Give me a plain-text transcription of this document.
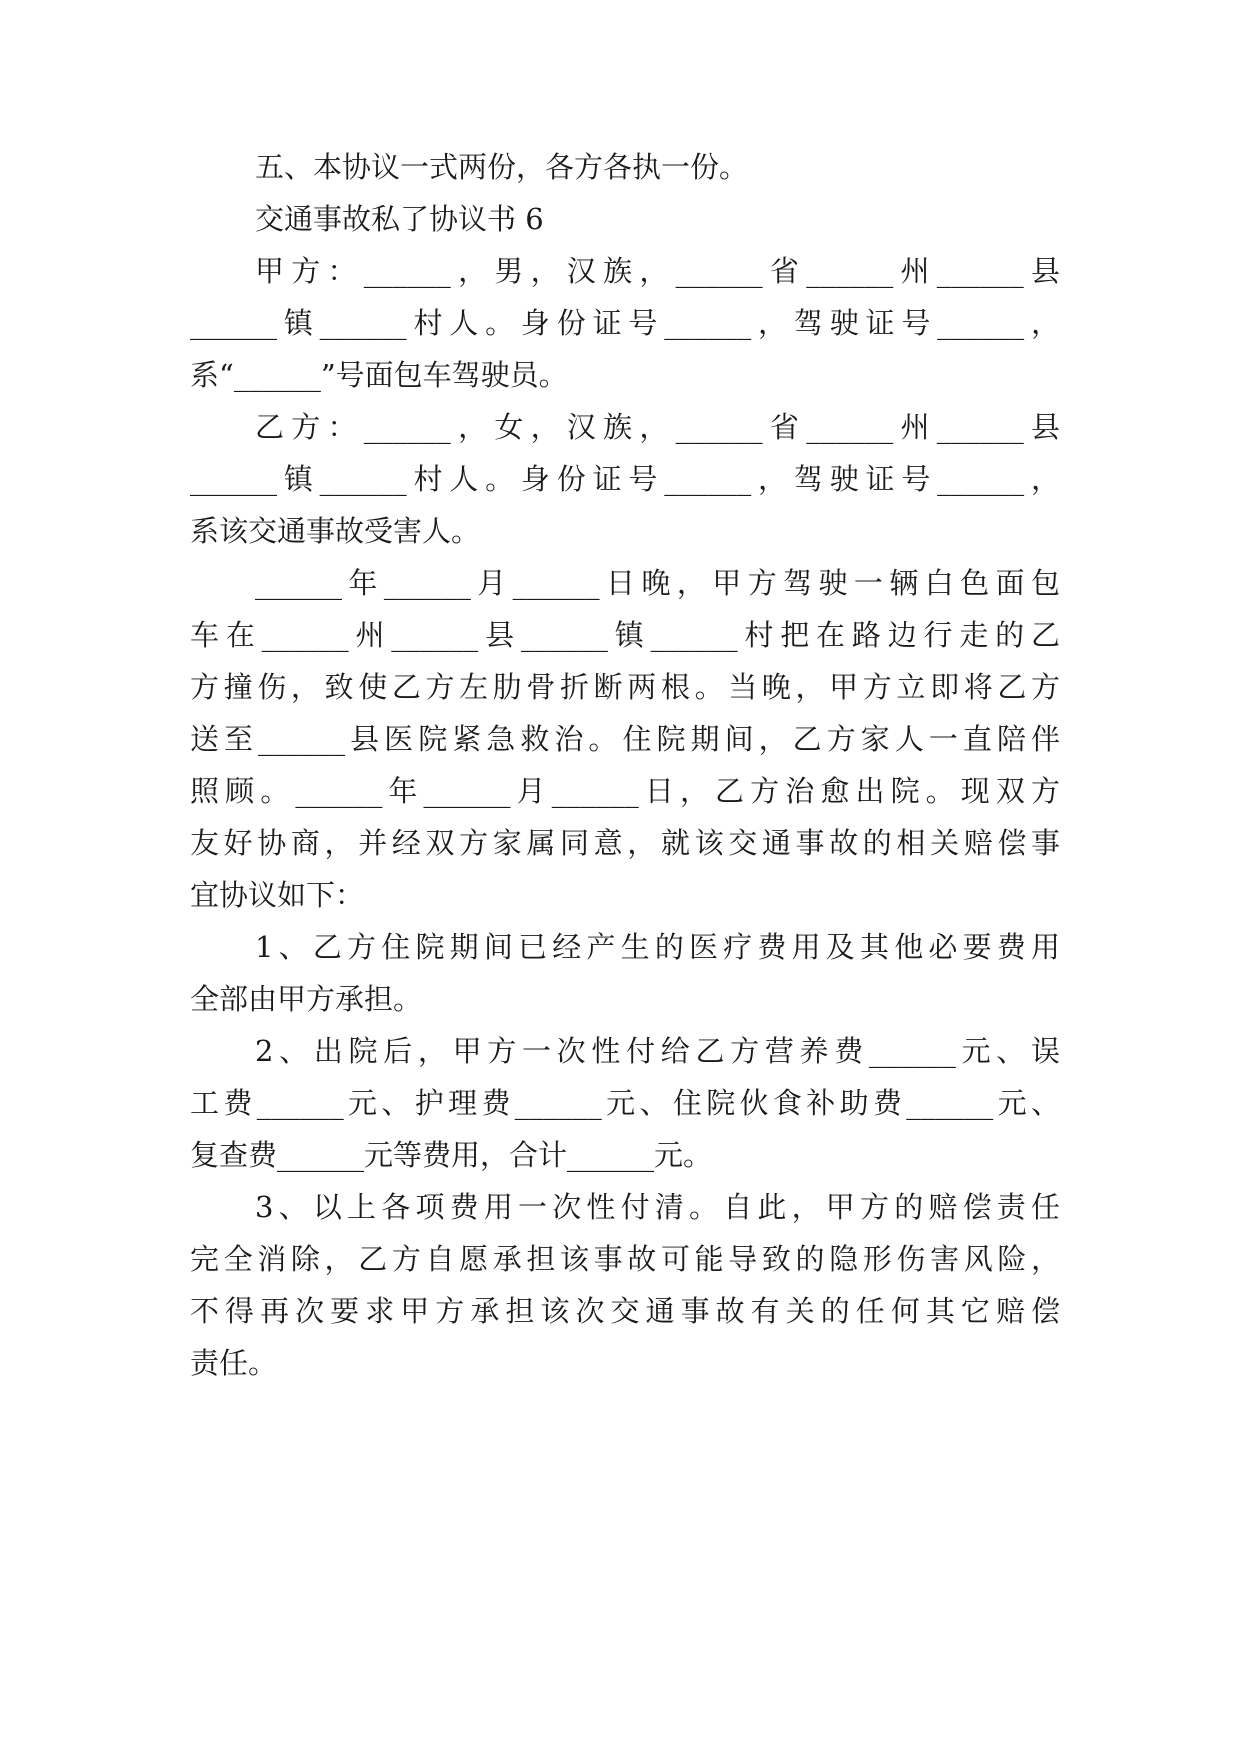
五、本协议一式两份，各方各执一份。
交通事故私了协议书 6
甲方：______，男，汉族，______省______州______县
______镇______村人。身份证号______，驾驶证号______，
系“______”号面包车驾驶员。
乙方：______，女，汉族，______省______州______县
______镇______村人。身份证号______，驾驶证号______，
系该交通事故受害人。
______年______月______日晚，甲方驾驶一辆白色面包
车在______州______县______镇______村把在路边行走的乙
方撞伤，致使乙方左肋骨折断两根。当晚，甲方立即将乙方
送至______县医院紧急救治。住院期间，乙方家人一直陪伴
照顾。______年______月______日，乙方治愈出院。现双方
友好协商，并经双方家属同意，就该交通事故的相关赔偿事
宜协议如下：
1、乙方住院期间已经产生的医疗费用及其他必要费用
全部由甲方承担。
2、出院后，甲方一次性付给乙方营养费______元、误
工费______元、护理费______元、住院伙食补助费______元、
复查费______元等费用，合计______元。
3、以上各项费用一次性付清。自此，甲方的赔偿责任
完全消除，乙方自愿承担该事故可能导致的隐形伤害风险，
不得再次要求甲方承担该次交通事故有关的任何其它赔偿
责任。
